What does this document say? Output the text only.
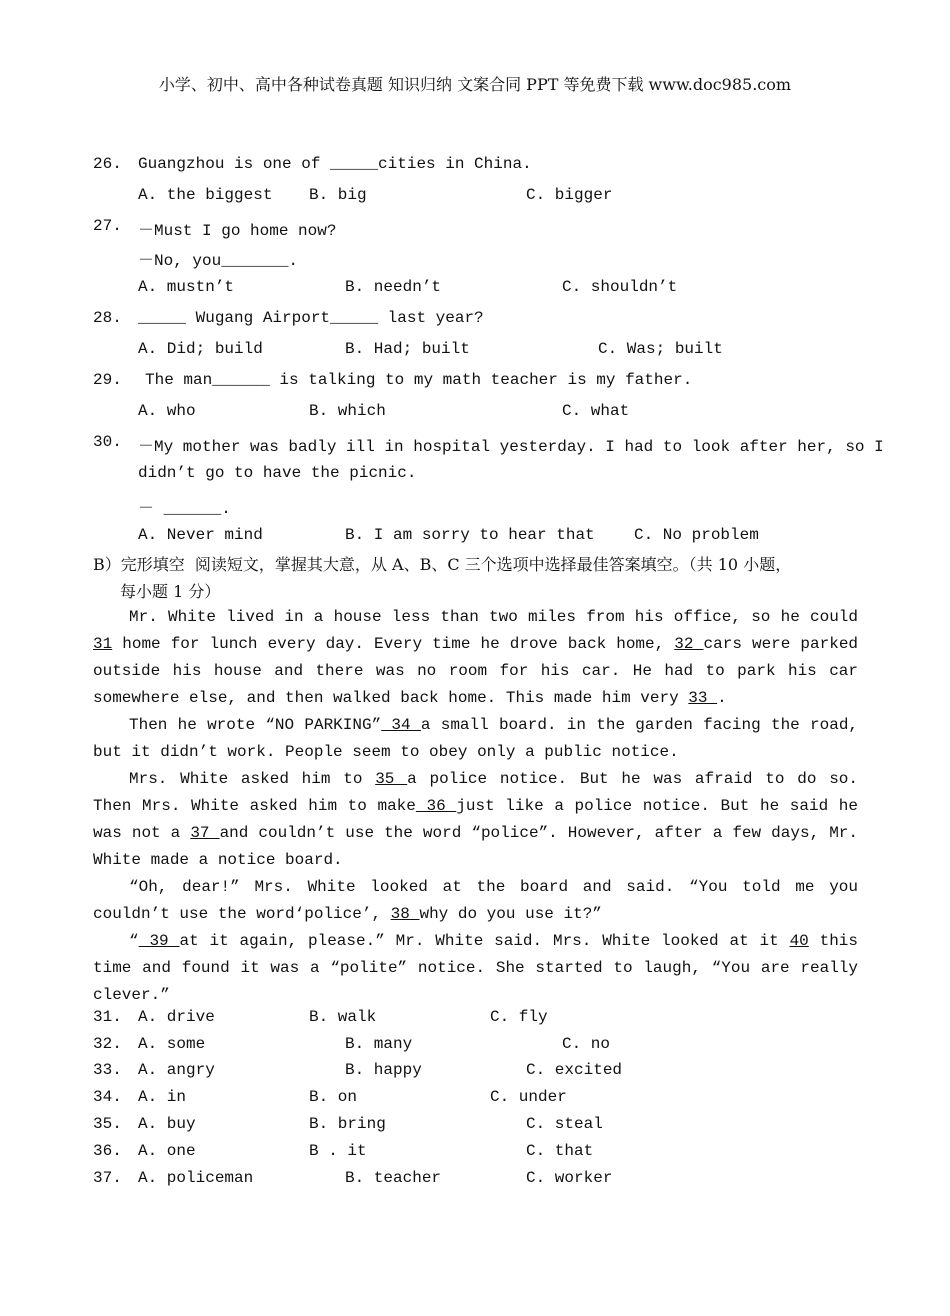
小学、初中、高中各种试卷真题 知识归纳 文案合同 PPT 等免费下载 www.doc985.com
26. Guangzhou is one of _____cities in China.
A. the biggest B. big	C. bigger
27. －Must I go home now?
－No, you_______.
A. mustn’t	B. needn’t	C. shouldn’t
28. _____ Wugang Airport_____ last year?
A. Did; build	B. Had; built	C. Was; built
29. The man______ is talking to my math teacher is my father.
A. who	B. which	C. what
30. －My mother was badly ill in hospital yesterday. I had to look after her, so I
didn’t go to have the picnic.
－ ______.
A. Never mind	B. I am sorry to hear that C. No problem
B）完形填空  阅读短文，掌握其大意，从 A、B、C 三个选项中选择最佳答案填空。（共 10 小题，
每小题 1 分）
Mr. White lived in a house less than two miles from his office, so he could 31 home for lunch every day. Every time he drove back home, 32 cars were parked outside his house and there was no room for his car. He had to park his car somewhere else, and then walked back home. This made him very 33 .
Then he wrote “NO PARKING” 34 a small board. in the garden facing the road, but it didn’t work. People seem to obey only a public notice.
Mrs. White asked him to 35 a police notice. But he was afraid to do so. Then Mrs. White asked him to make 36 just like a police notice. But he said he was not a 37 and couldn’t use the word “police”. However, after a few days, Mr. White made a notice board.
“Oh, dear!” Mrs. White looked at the board and said. “You told me you couldn’t use the word‘police’, 38 why do you use it?”
“ 39 at it again, please.” Mr. White said. Mrs. White looked at it 40 this time and found it was a “polite” notice. She started to laugh, “You are really clever.”
31. A. drive	B. walk	C. fly
32. A. some	B. many	C. no
33. A. angry	B. happy	C. excited
34. A. in	B. on	C. under
35. A. buy	B. bring	C. steal
36. A. one	B . it	C. that
37. A. policeman	B. teacher	C. worker
